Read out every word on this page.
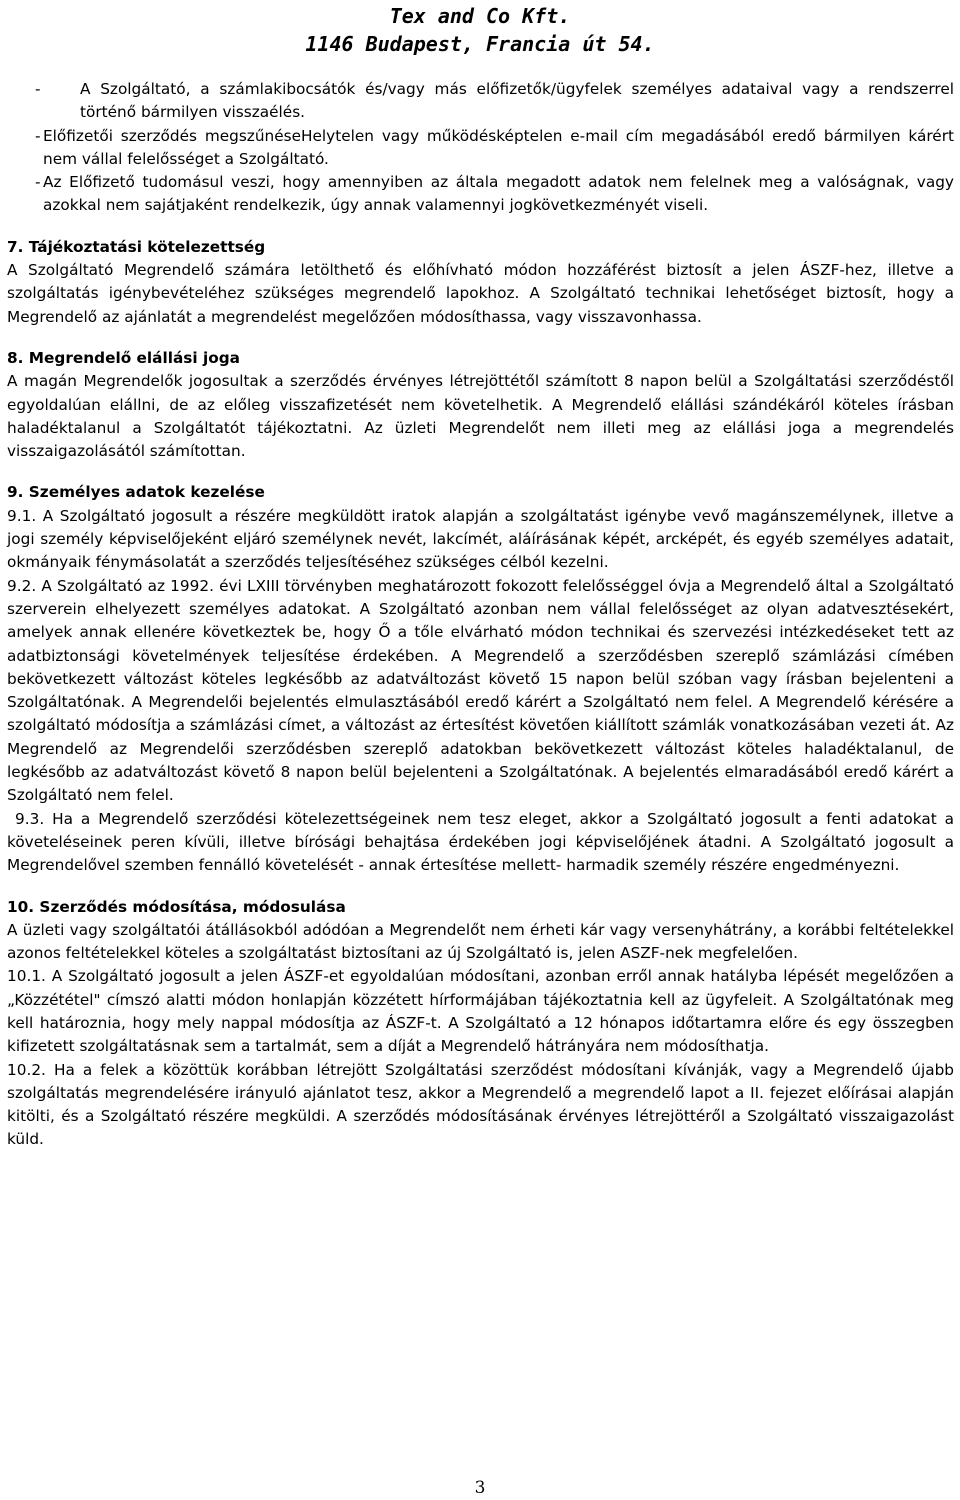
Tex and Co Kft.
1146 Budapest, Francia út 54.
-	A Szolgáltató, a számlakibocsátók és/vagy más előfizetők/ügyfelek személyes adataival vagy a rendszerrel történő bármilyen visszaélés.
- Előfizetői szerződés megszűnéseHelytelen vagy működésképtelen e-mail cím megadásából eredő bármilyen kárért nem vállal felelősséget a Szolgáltató.
- Az Előfizető tudomásul veszi, hogy amennyiben az általa megadott adatok nem felelnek meg a valóságnak, vagy azokkal nem sajátjaként rendelkezik, úgy annak valamennyi jogkövetkezményét viseli.

7. Tájékoztatási kötelezettség

A Szolgáltató Megrendelő számára letölthető és előhívható módon hozzáférést biztosít a jelen ÁSZF-hez, illetve a szolgáltatás igénybevételéhez szükséges megrendelő lapokhoz. A Szolgáltató technikai lehetőséget biztosít, hogy a Megrendelő az ajánlatát a megrendelést megelőzően módosíthassa, vagy visszavonhassa.

8. Megrendelő elállási joga

A magán Megrendelők jogosultak a szerződés érvényes létrejöttétől számított 8 napon belül a Szolgáltatási szerződéstől egyoldalúan elállni, de az előleg visszafizetését nem követelhetik. A Megrendelő elállási szándékáról köteles írásban haladéktalanul a Szolgáltatót tájékoztatni. Az üzleti Megrendelőt nem illeti meg az elállási joga a megrendelés visszaigazolásától számítottan.

9. Személyes adatok kezelése

9.1. A Szolgáltató jogosult a részére megküldött iratok alapján a szolgáltatást igénybe vevő magánszemélynek, illetve a jogi személy képviselőjeként eljáró személynek nevét, lakcímét, aláírásának képét, arcképét, és egyéb személyes adatait, okmányaik fénymásolatát a szerződés teljesítéséhez szükséges célból kezelni.

9.2. A Szolgáltató az 1992. évi LXIII törvényben meghatározott fokozott felelősséggel óvja a Megrendelő által a Szolgáltató szerverein elhelyezett személyes adatokat. A Szolgáltató azonban nem vállal felelősséget az olyan adatvesztésekért, amelyek annak ellenére következtek be, hogy Ő a tőle elvárható módon technikai és szervezési intézkedéseket tett az adatbiztonsági követelmények teljesítése érdekében. A Megrendelő a szerződésben szereplő számlázási címében bekövetkezett változást köteles legkésőbb az adatváltozást követő 15 napon belül szóban vagy írásban bejelenteni a Szolgáltatónak. A Megrendelői bejelentés elmulasztásából eredő kárért a Szolgáltató nem felel. A Megrendelő kérésére a szolgáltató módosítja a számlázási címet, a változást az értesítést követően kiállított számlák vonatkozásában vezeti át. Az Megrendelő az Megrendelői szerződésben szereplő adatokban bekövetkezett változást köteles haladéktalanul, de legkésőbb az adatváltozást követő 8 napon belül bejelenteni a Szolgáltatónak. A bejelentés elmaradásából eredő kárért a Szolgáltató nem felel.

9.3. Ha a Megrendelő szerződési kötelezettségeinek nem tesz eleget, akkor a Szolgáltató jogosult a fenti adatokat a követeléseinek peren kívüli, illetve bírósági behajtása érdekében jogi képviselőjének átadni. A Szolgáltató jogosult a Megrendelővel szemben fennálló követelését - annak értesítése mellett- harmadik személy részére engedményezni.

10. Szerződés módosítása, módosulása

A üzleti vagy szolgáltatói átállásokból adódóan a Megrendelőt nem érheti kár vagy versenyhátrány, a korábbi feltételekkel azonos feltételekkel köteles a szolgáltatást biztosítani az új Szolgáltató is, jelen ASZF-nek megfelelően.

10.1. A Szolgáltató jogosult a jelen ÁSZF-et egyoldalúan módosítani, azonban erről annak hatályba lépését megelőzően a „Közzététel" címszó alatti módon honlapján közzétett hírformájában tájékoztatnia kell az ügyfeleit. A Szolgáltatónak meg kell határoznia, hogy mely nappal módosítja az ÁSZF-t. A Szolgáltató a 12 hónapos időtartamra előre és egy összegben kifizetett szolgáltatásnak sem a tartalmát, sem a díját a Megrendelő hátrányára nem módosíthatja.

10.2. Ha a felek a közöttük korábban létrejött Szolgáltatási szerződést módosítani kívánják, vagy a Megrendelő újabb szolgáltatás megrendelésére irányuló ajánlatot tesz, akkor a Megrendelő a megrendelő lapot a II. fejezet előírásai alapján kitölti, és a Szolgáltató részére megküldi. A szerződés módosításának érvényes létrejöttéről a Szolgáltató visszaigazolást küld.

3
